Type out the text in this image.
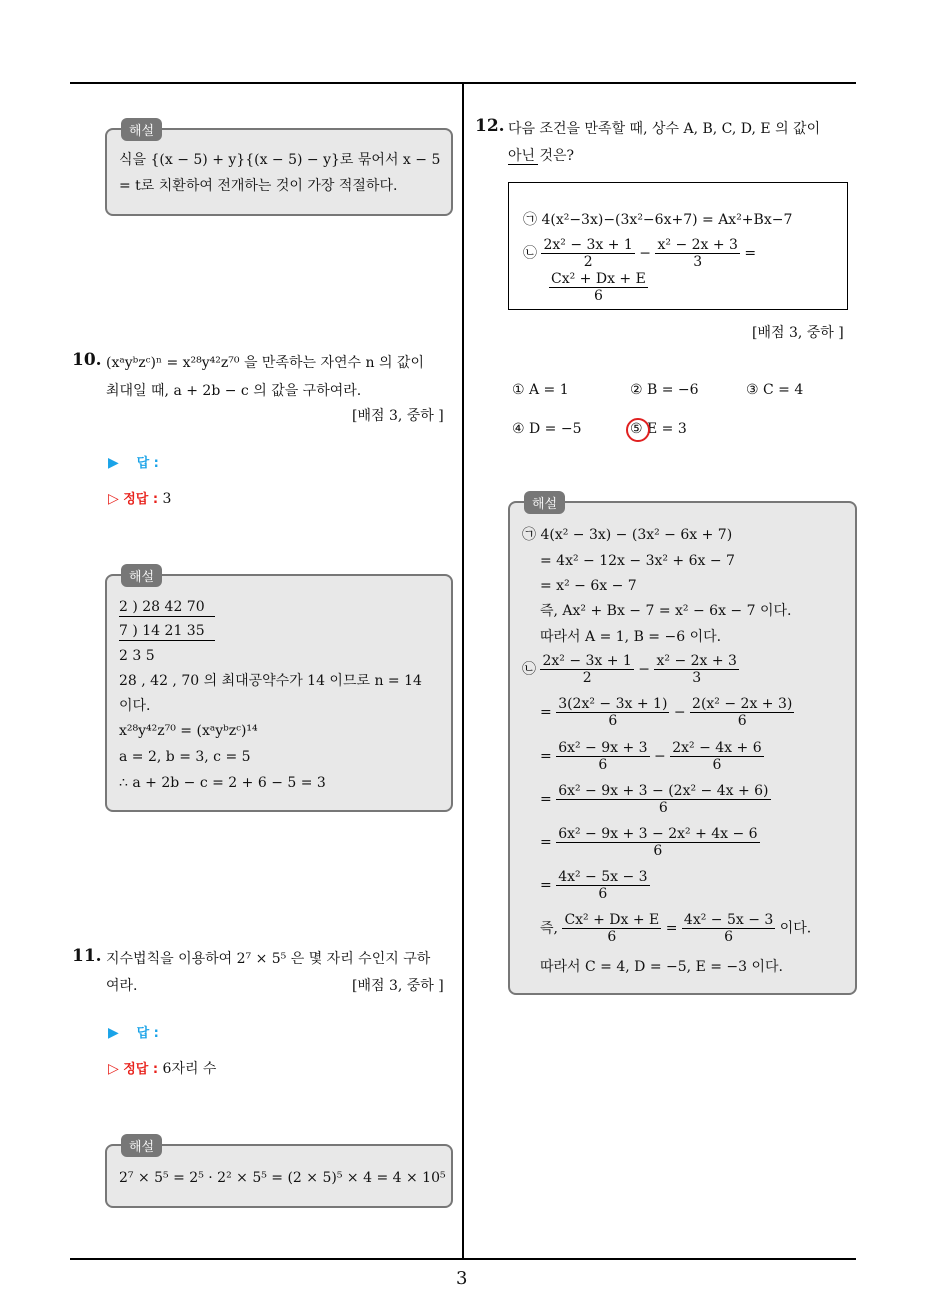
3
해설
식을 {(x − 5) + y}{(x − 5) − y}로 묶어서 x − 5
= t로 치환하여 전개하는 것이 가장 적절하다.
10. (xᵃyᵇzᶜ)ⁿ = x²⁸y⁴²z⁷⁰ 을 만족하는 자연수 n 의 값이
최대일 때, a + 2b − c 의 값을 구하여라.
[배점 3, 중하 ]
▶ 답 :
▷ 정답 : 3
해설
2 ) 28 42 70
7 ) 14 21 35
2 3 5
28 , 42 , 70 의 최대공약수가 14 이므로 n = 14
이다.
x²⁸y⁴²z⁷⁰ = (xᵃyᵇzᶜ)¹⁴
a = 2, b = 3, c = 5
∴ a + 2b − c = 2 + 6 − 5 = 3
11. 지수법칙을 이용하여 2⁷ × 5⁵ 은 몇 자리 수인지 구하
여라.	[배점 3, 중하 ]
▶ 답 :
▷ 정답 : 6자리 수
해설
2⁷ × 5⁵ = 2⁵ · 2² × 5⁵ = (2 × 5)⁵ × 4 = 4 × 10⁵
12. 다음 조건을 만족할 때, 상수 A, B, C, D, E 의 값이
아닌 것은?
㉠ 4(x²−3x)−(3x²−6x+7) = Ax²+Bx−7
㉡ $\frac{\text{2x² − 3x + 1}}{2} - \frac{\text{x² − 2x + 3}}{3}$ =
$\frac{\text{Cx² + Dx + E}}{6}$
[배점 3, 중하 ]
① A = 1	② B = −6	③ C = 4
④ D = −5	⑤ E = 3
해설
㉠ 4(x² − 3x) − (3x² − 6x + 7)
= 4x² − 12x − 3x² + 6x − 7
= x² − 6x − 7
즉, Ax² + Bx − 7 = x² − 6x − 7 이다.
따라서 A = 1, B = −6 이다.
㉡ $\frac{\text{2x² − 3x + 1}}{2} - \frac{\text{x² − 2x + 3}}{3}$
= $\frac{\text{3(2x² − 3x + 1)}}{6} - \frac{\text{2(x² − 2x + 3)}}{6}$
= $\frac{\text{6x² − 9x + 3}}{6} - \frac{\text{2x² − 4x + 6}}{6}$
= $\frac{\text{6x² − 9x + 3 − (2x² − 4x + 6)}}{6}$
= $\frac{\text{6x² − 9x + 3 − 2x² + 4x − 6}}{6}$
= $\frac{\text{4x² − 5x − 3}}{6}$
즉, $\frac{\text{Cx² + Dx + E}}{6} = \frac{\text{4x² − 5x − 3}}{6}$ 이다.
따라서 C = 4, D = −5, E = −3 이다.
